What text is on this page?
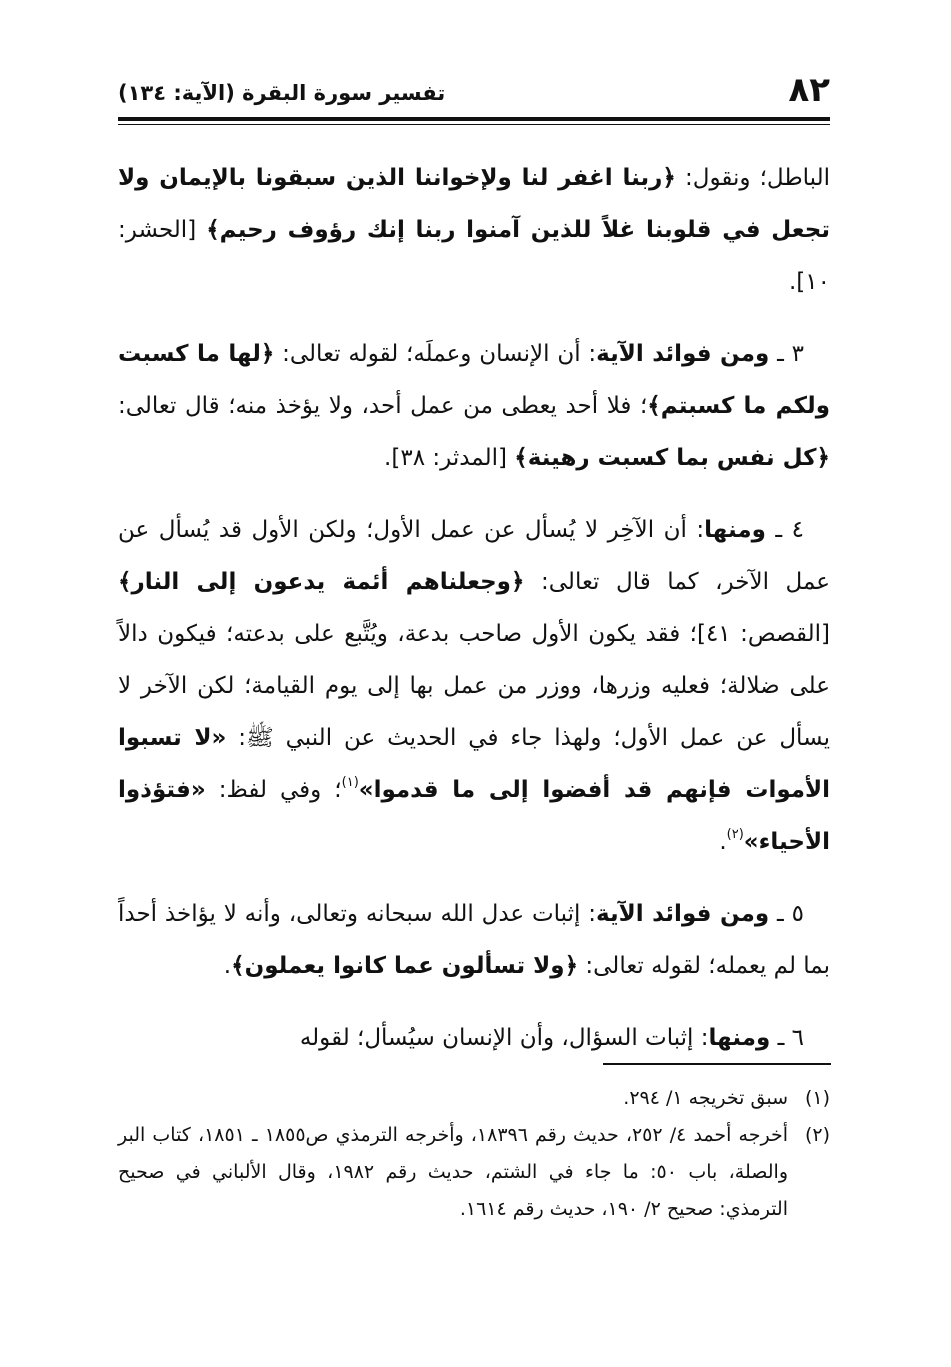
٨٢
تفسير سورة البقرة (الآية: ١٣٤)

الباطل؛ ونقول: ﴿ربنا اغفر لنا ولإخواننا الذين سبقونا بالإيمان ولا تجعل في قلوبنا غلاً للذين آمنوا ربنا إنك رؤوف رحيم﴾ [الحشر: ١٠].

٣ ـ ومن فوائد الآية: أن الإنسان وعملَه؛ لقوله تعالى: ﴿لها ما كسبت ولكم ما كسبتم﴾؛ فلا أحد يعطى من عمل أحد، ولا يؤخذ منه؛ قال تعالى: ﴿كل نفس بما كسبت رهينة﴾ [المدثر: ٣٨].

٤ ـ ومنها: أن الآخِر لا يُسأل عن عمل الأول؛ ولكن الأول قد يُسأل عن عمل الآخر، كما قال تعالى: ﴿وجعلناهم أئمة يدعون إلى النار﴾ [القصص: ٤١]؛ فقد يكون الأول صاحب بدعة، ويُتَّبع على بدعته؛ فيكون دالاً على ضلالة؛ فعليه وزرها، ووزر من عمل بها إلى يوم القيامة؛ لكن الآخر لا يسأل عن عمل الأول؛ ولهذا جاء في الحديث عن النبي ﷺ: «لا تسبوا الأموات فإنهم قد أفضوا إلى ما قدموا»$^{(١)}$؛ وفي لفظ: «فتؤذوا الأحياء»$^{(٢)}$.

٥ ـ ومن فوائد الآية: إثبات عدل الله سبحانه وتعالى، وأنه لا يؤاخذ أحداً بما لم يعمله؛ لقوله تعالى: ﴿ولا تسألون عما كانوا يعملون﴾.

٦ ـ ومنها: إثبات السؤال، وأن الإنسان سيُسأل؛ لقوله

(١)
سبق تخريجه ١/ ٢٩٤.
(٢)
أخرجه أحمد ٤/ ٢٥٢، حديث رقم ١٨٣٩٦، وأخرجه الترمذي ص١٨٥٥ ـ ١٨٥١، كتاب البر والصلة، باب ٥٠: ما جاء في الشتم، حديث رقم ١٩٨٢، وقال الألباني في صحيح الترمذي: صحيح ٢/ ١٩٠، حديث رقم ١٦١٤.
